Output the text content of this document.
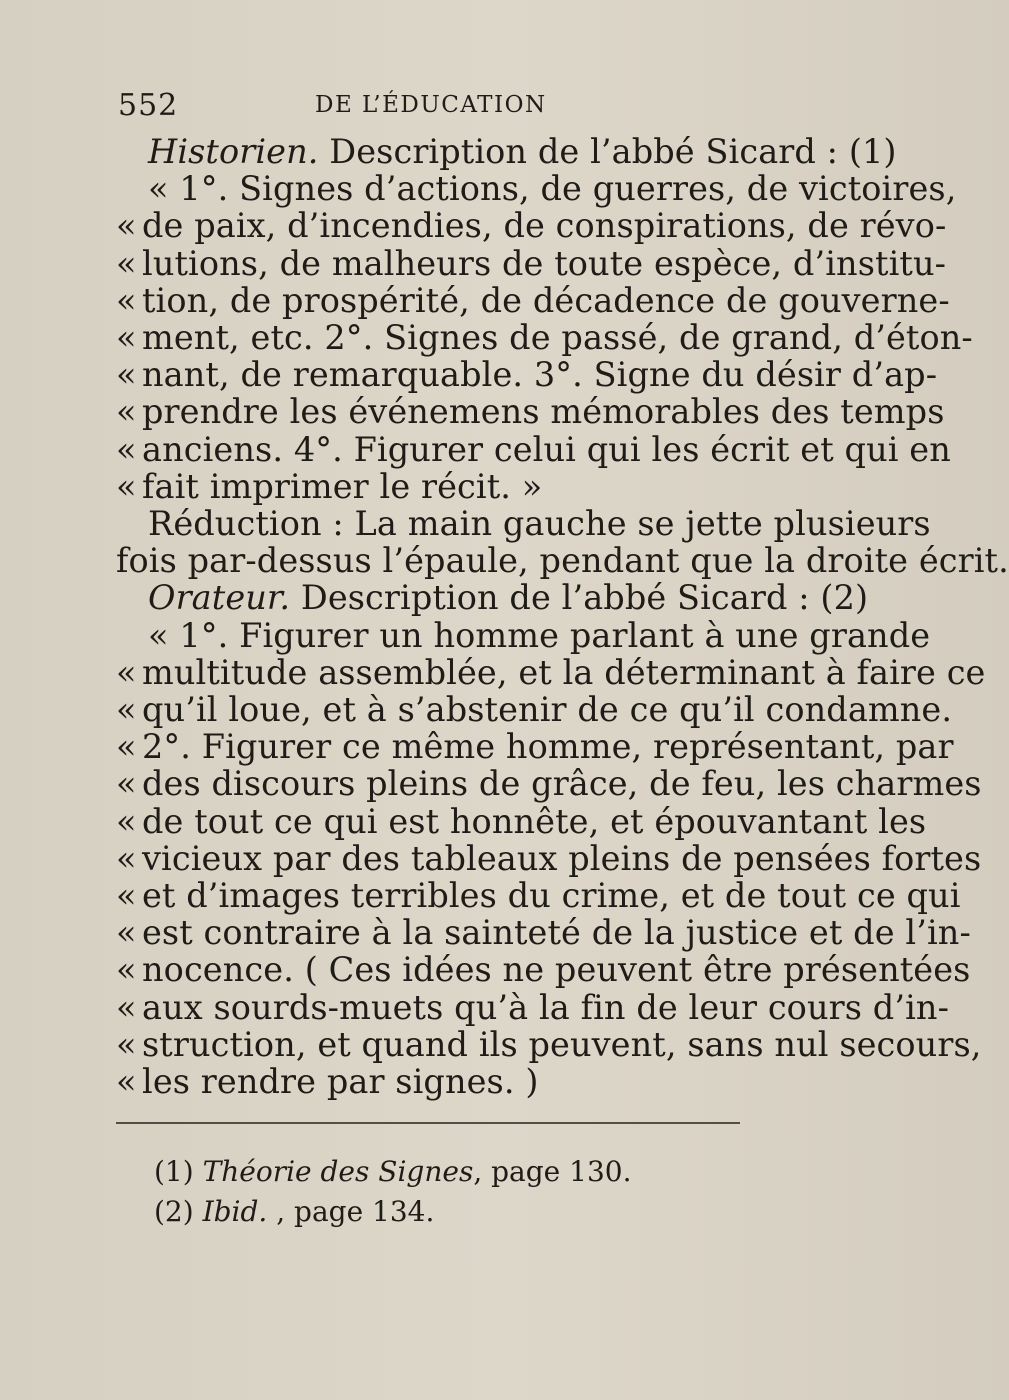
552	DE L’ÉDUCATION
Historien. Description de l’abbé Sicard : (1)
« 1°. Signes d’actions, de guerres, de victoires,
« de paix, d’incendies, de conspirations, de révo-
« lutions, de malheurs de toute espèce, d’institu-
« tion, de prospérité, de décadence de gouverne-
« ment, etc. 2°. Signes de passé, de grand, d’éton-
« nant, de remarquable. 3°. Signe du désir d’ap-
« prendre les événemens mémorables des temps
« anciens. 4°. Figurer celui qui les écrit et qui en
« fait imprimer le récit. »
Réduction : La main gauche se jette plusieurs
fois par-dessus l’épaule, pendant que la droite écrit.
Orateur. Description de l’abbé Sicard : (2)
« 1°. Figurer un homme parlant à une grande
« multitude assemblée, et la déterminant à faire ce
« qu’il loue, et à s’abstenir de ce qu’il condamne.
« 2°. Figurer ce même homme, représentant, par
« des discours pleins de grâce, de feu, les charmes
« de tout ce qui est honnête, et épouvantant les
« vicieux par des tableaux pleins de pensées fortes
« et d’images terribles du crime, et de tout ce qui
« est contraire à la sainteté de la justice et de l’in-
« nocence. ( Ces idées ne peuvent être présentées
« aux sourds-muets qu’à la fin de leur cours d’in-
« struction, et quand ils peuvent, sans nul secours,
« les rendre par signes. )
(1) Théorie des Signes, page 130.
(2) Ibid. , page 134.
